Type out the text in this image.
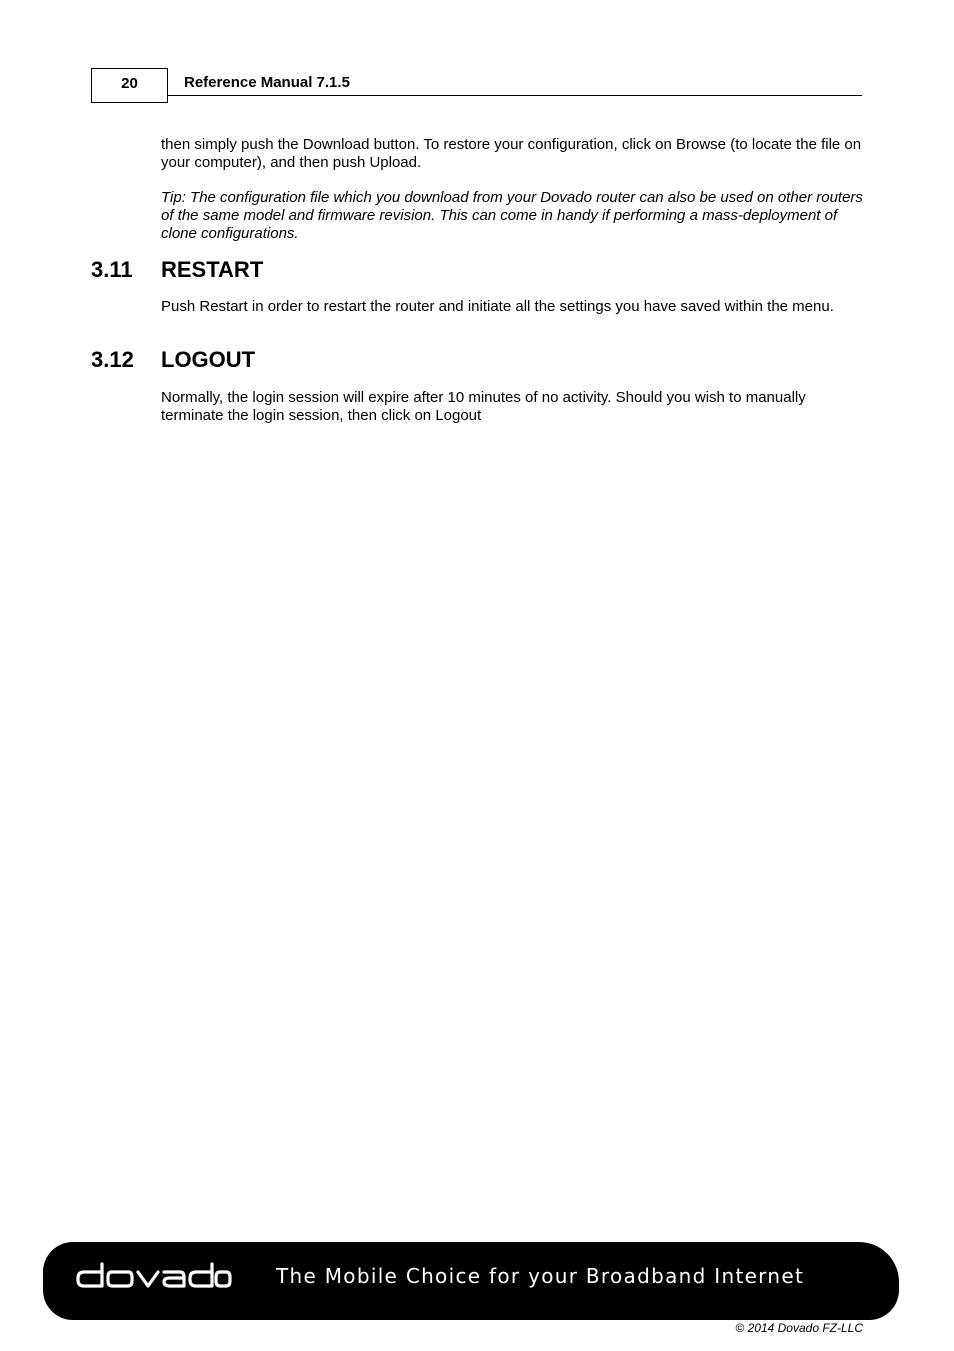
20	Reference Manual 7.1.5
then simply push the Download button. To restore your configuration, click on Browse (to locate the file on your computer), and then push Upload.
Tip: The configuration file which you download from your Dovado router can also be used on other routers of the same model and firmware revision. This can come in handy if performing a mass-deployment of clone configurations.
3.11 RESTART
Push Restart in order to restart the router and initiate all the settings you have saved within the menu.
3.12 LOGOUT
Normally, the login session will expire after 10 minutes of no activity. Should you wish to manually terminate the login session, then click on Logout
The Mobile Choice for your Broadband Internet
© 2014 Dovado FZ-LLC
